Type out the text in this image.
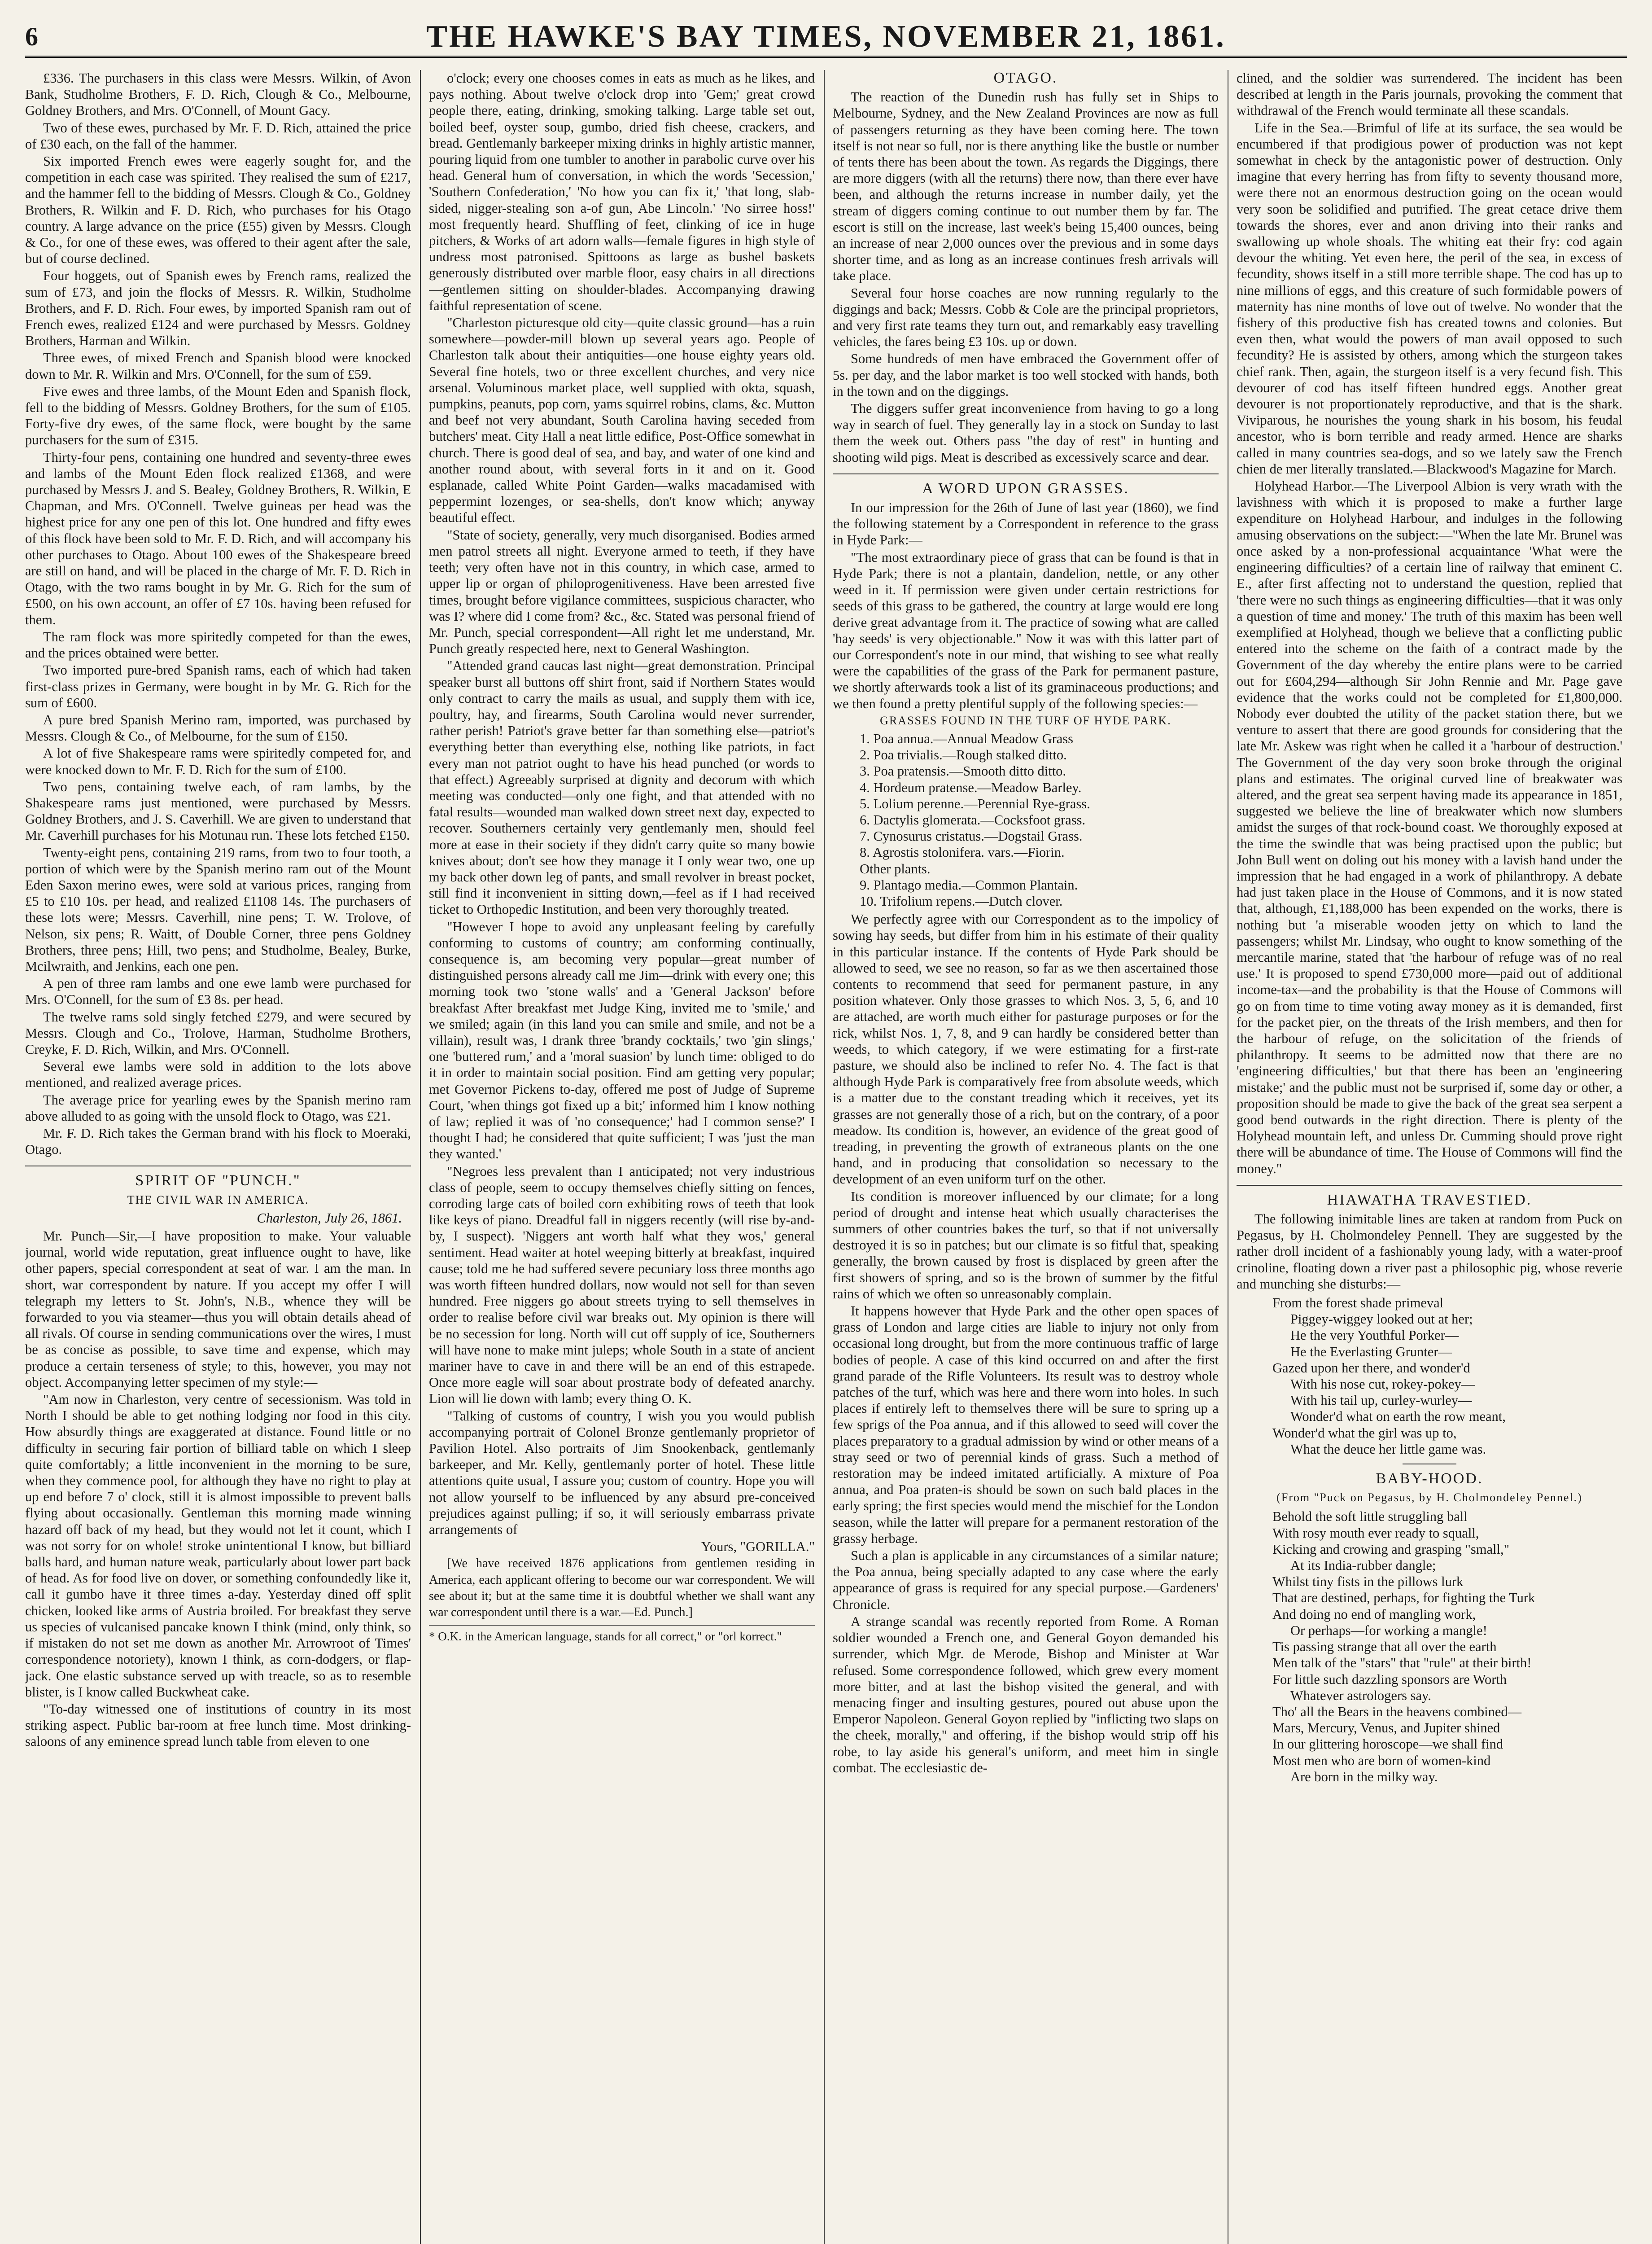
6	THE HAWKE'S BAY TIMES, NOVEMBER 21, 1861.

£336. The purchasers in this class were Messrs. Wilkin, of Avon Bank, Studholme Brothers, F. D. Rich, Clough & Co., Melbourne, Goldney Brothers, and Mrs. O'Connell, of Mount Gacy.

Two of these ewes, purchased by Mr. F. D. Rich, attained the price of £30 each, on the fall of the hammer.

Six imported French ewes were eagerly sought for, and the competition in each case was spirited. They realised the sum of £217, and the hammer fell to the bidding of Messrs. Clough & Co., Goldney Brothers, R. Wilkin and F. D. Rich, who purchases for his Otago country. A large advance on the price (£55) given by Messrs. Clough & Co., for one of these ewes, was offered to their agent after the sale, but of course declined.

Four hoggets, out of Spanish ewes by French rams, realized the sum of £73, and join the flocks of Messrs. R. Wilkin, Studholme Brothers, and F. D. Rich. Four ewes, by imported Spanish ram out of French ewes, realized £124 and were purchased by Messrs. Goldney Brothers, Harman and Wilkin.

Three ewes, of mixed French and Spanish blood were knocked down to Mr. R. Wilkin and Mrs. O'Connell, for the sum of £59.

Five ewes and three lambs, of the Mount Eden and Spanish flock, fell to the bidding of Messrs. Goldney Brothers, for the sum of £105. Forty-five dry ewes, of the same flock, were bought by the same purchasers for the sum of £315.

Thirty-four pens, containing one hundred and seventy-three ewes and lambs of the Mount Eden flock realized £1368, and were purchased by Messrs J. and S. Bealey, Goldney Brothers, R. Wilkin, E Chapman, and Mrs. O'Connell. Twelve guineas per head was the highest price for any one pen of this lot. One hundred and fifty ewes of this flock have been sold to Mr. F. D. Rich, and will accompany his other purchases to Otago. About 100 ewes of the Shakespeare breed are still on hand, and will be placed in the charge of Mr. F. D. Rich in Otago, with the two rams bought in by Mr. G. Rich for the sum of £500, on his own account, an offer of £7 10s. having been refused for them.

The ram flock was more spiritedly competed for than the ewes, and the prices obtained were better.

Two imported pure-bred Spanish rams, each of which had taken first-class prizes in Germany, were bought in by Mr. G. Rich for the sum of £600.

A pure bred Spanish Merino ram, imported, was purchased by Messrs. Clough & Co., of Melbourne, for the sum of £150.

A lot of five Shakespeare rams were spiritedly competed for, and were knocked down to Mr. F. D. Rich for the sum of £100.

Two pens, containing twelve each, of ram lambs, by the Shakespeare rams just mentioned, were purchased by Messrs. Goldney Brothers, and J. S. Caverhill. We are given to understand that Mr. Caverhill purchases for his Motunau run. These lots fetched £150.

Twenty-eight pens, containing 219 rams, from two to four tooth, a portion of which were by the Spanish merino ram out of the Mount Eden Saxon merino ewes, were sold at various prices, ranging from £5 to £10 10s. per head, and realized £1108 14s. The purchasers of these lots were; Messrs. Caverhill, nine pens; T. W. Trolove, of Nelson, six pens; R. Waitt, of Double Corner, three pens Goldney Brothers, three pens; Hill, two pens; and Studholme, Bealey, Burke, Mcilwraith, and Jenkins, each one pen.

A pen of three ram lambs and one ewe lamb were purchased for Mrs. O'Connell, for the sum of £3 8s. per head.

The twelve rams sold singly fetched £279, and were secured by Messrs. Clough and Co., Trolove, Harman, Studholme Brothers, Creyke, F. D. Rich, Wilkin, and Mrs. O'Connell.

Several ewe lambs were sold in addition to the lots above mentioned, and realized average prices.

The average price for yearling ewes by the Spanish merino ram above alluded to as going with the unsold flock to Otago, was £21.

Mr. F. D. Rich takes the German brand with his flock to Moeraki, Otago.

SPIRIT OF "PUNCH."
THE CIVIL WAR IN AMERICA.
Charleston, July 26, 1861.

Mr. Punch—Sir,—I have proposition to make. Your valuable journal, world wide reputation, great influence ought to have, like other papers, special correspondent at seat of war. I am the man. In short, war correspondent by nature. If you accept my offer I will telegraph my letters to St. John's, N.B., whence they will be forwarded to you via steamer—thus you will obtain details ahead of all rivals. Of course in sending communications over the wires, I must be as concise as possible, to save time and expense, which may produce a certain terseness of style; to this, however, you may not object. Accompanying letter specimen of my style:—

"Am now in Charleston, very centre of secessionism. Was told in North I should be able to get nothing lodging nor food in this city. How absurdly things are exaggerated at distance. Found little or no difficulty in securing fair portion of billiard table on which I sleep quite comfortably; a little inconvenient in the morning to be sure, when they commence pool, for although they have no right to play at up end before 7 o' clock, still it is almost impossible to prevent balls flying about occasionally. Gentleman this morning made winning hazard off back of my head, but they would not let it count, which I was not sorry for on whole! stroke unintentional I know, but billiard balls hard, and human nature weak, particularly about lower part back of head. As for food live on dover, or something confoundedly like it, call it gumbo have it three times a-day. Yesterday dined off split chicken, looked like arms of Austria broiled. For breakfast they serve us species of vulcanised pancake known I think (mind, only think, so if mistaken do not set me down as another Mr. Arrowroot of Times' correspondence notoriety), known I think, as corn-dodgers, or flap-jack. One elastic substance served up with treacle, so as to resemble blister, is I know called Buckwheat cake.

"To-day witnessed one of institutions of country in its most striking aspect. Public bar-room at free lunch time. Most drinking-saloons of any eminence spread lunch table from eleven to one

o'clock; every one chooses comes in eats as much as he likes, and pays nothing. About twelve o'clock drop into 'Gem;' great crowd people there, eating, drinking, smoking talking. Large table set out, boiled beef, oyster soup, gumbo, dried fish cheese, crackers, and bread. Gentlemanly barkeeper mixing drinks in highly artistic manner, pouring liquid from one tumbler to another in parabolic curve over his head. General hum of conversation, in which the words 'Secession,' 'Southern Confederation,' 'No how you can fix it,' 'that long, slab-sided, nigger-stealing son a-of gun, Abe Lincoln.' 'No sirree hoss!' most frequently heard. Shuffling of feet, clinking of ice in huge pitchers, & Works of art adorn walls—female figures in high style of undress most patronised. Spittoons as large as bushel baskets generously distributed over marble floor, easy chairs in all directions—gentlemen sitting on shoulder-blades. Accompanying drawing faithful representation of scene.

"Charleston picturesque old city—quite classic ground—has a ruin somewhere—powder-mill blown up several years ago. People of Charleston talk about their antiquities—one house eighty years old. Several fine hotels, two or three excellent churches, and very nice arsenal. Voluminous market place, well supplied with okta, squash, pumpkins, peanuts, pop corn, yams squirrel robins, clams, &c. Mutton and beef not very abundant, South Carolina having seceded from butchers' meat. City Hall a neat little edifice, Post-Office somewhat in church. There is good deal of sea, and bay, and water of one kind and another round about, with several forts in it and on it. Good esplanade, called White Point Garden—walks macadamised with peppermint lozenges, or sea-shells, don't know which; anyway beautiful effect.

"State of society, generally, very much disorganised. Bodies armed men patrol streets all night. Everyone armed to teeth, if they have teeth; very often have not in this country, in which case, armed to upper lip or organ of philoprogenitiveness. Have been arrested five times, brought before vigilance committees, suspicious character, who was I? where did I come from? &c., &c. Stated was personal friend of Mr. Punch, special correspondent—All right let me understand, Mr. Punch greatly respected here, next to General Washington.

"Attended grand caucas last night—great demonstration. Principal speaker burst all buttons off shirt front, said if Northern States would only contract to carry the mails as usual, and supply them with ice, poultry, hay, and firearms, South Carolina would never surrender, rather perish! Patriot's grave better far than something else—patriot's everything better than everything else, nothing like patriots, in fact every man not patriot ought to have his head punched (or words to that effect.) Agreeably surprised at dignity and decorum with which meeting was conducted—only one fight, and that attended with no fatal results—wounded man walked down street next day, expected to recover. Southerners certainly very gentlemanly men, should feel more at ease in their society if they didn't carry quite so many bowie knives about; don't see how they manage it I only wear two, one up my back other down leg of pants, and small revolver in breast pocket, still find it inconvenient in sitting down,—feel as if I had received ticket to Orthopedic Institution, and been very thoroughly treated.

"However I hope to avoid any unpleasant feeling by carefully conforming to customs of country; am conforming continually, consequence is, am becoming very popular—great number of distinguished persons already call me Jim—drink with every one; this morning took two 'stone walls' and a 'General Jackson' before breakfast After breakfast met Judge King, invited me to 'smile,' and we smiled; again (in this land you can smile and smile, and not be a villain), result was, I drank three 'brandy cocktails,' two 'gin slings,' one 'buttered rum,' and a 'moral suasion' by lunch time: obliged to do it in order to maintain social position. Find am getting very popular; met Governor Pickens to-day, offered me post of Judge of Supreme Court, 'when things got fixed up a bit;' informed him I know nothing of law; replied it was of 'no consequence;' had I common sense?' I thought I had; he considered that quite sufficient; I was 'just the man they wanted.'

"Negroes less prevalent than I anticipated; not very industrious class of people, seem to occupy themselves chiefly sitting on fences, corroding large cats of boiled corn exhibiting rows of teeth that look like keys of piano. Dreadful fall in niggers recently (will rise by-and-by, I suspect). 'Niggers ant worth half what they wos,' general sentiment. Head waiter at hotel weeping bitterly at breakfast, inquired cause; told me he had suffered severe pecuniary loss three months ago was worth fifteen hundred dollars, now would not sell for than seven hundred. Free niggers go about streets trying to sell themselves in order to realise before civil war breaks out. My opinion is there will be no secession for long. North will cut off supply of ice, Southerners will have none to make mint juleps; whole South in a state of ancient mariner have to cave in and there will be an end of this estrapede. Once more eagle will soar about prostrate body of defeated anarchy. Lion will lie down with lamb; every thing O. K.

"Talking of customs of country, I wish you you would publish accompanying portrait of Colonel Bronze gentlemanly proprietor of Pavilion Hotel. Also portraits of Jim Snookenback, gentlemanly barkeeper, and Mr. Kelly, gentlemanly porter of hotel. These little attentions quite usual, I assure you; custom of country. Hope you will not allow yourself to be influenced by any absurd pre-conceived prejudices against pulling; if so, it will seriously embarrass private arrangements of

Yours, "GORILLA."

[We have received 1876 applications from gentlemen residing in America, each applicant offering to become our war correspondent. We will see about it; but at the same time it is doubtful whether we shall want any war correspondent until there is a war.—Ed. Punch.]

* O.K. in the American language, stands for all correct," or "orl korrect."
OTAGO.

The reaction of the Dunedin rush has fully set in Ships to Melbourne, Sydney, and the New Zealand Provinces are now as full of passengers returning as they have been coming here. The town itself is not near so full, nor is there anything like the bustle or number of tents there has been about the town. As regards the Diggings, there are more diggers (with all the returns) there now, than there ever have been, and although the returns increase in number daily, yet the stream of diggers coming continue to out number them by far. The escort is still on the increase, last week's being 15,400 ounces, being an increase of near 2,000 ounces over the previous and in some days shorter time, and as long as an increase continues fresh arrivals will take place.

Several four horse coaches are now running regularly to the diggings and back; Messrs. Cobb & Cole are the principal proprietors, and very first rate teams they turn out, and remarkably easy travelling vehicles, the fares being £3 10s. up or down.

Some hundreds of men have embraced the Government offer of 5s. per day, and the labor market is too well stocked with hands, both in the town and on the diggings.

The diggers suffer great inconvenience from having to go a long way in search of fuel. They generally lay in a stock on Sunday to last them the week out. Others pass "the day of rest" in hunting and shooting wild pigs. Meat is described as excessively scarce and dear.

A WORD UPON GRASSES.

In our impression for the 26th of June of last year (1860), we find the following statement by a Correspondent in reference to the grass in Hyde Park:—

"The most extraordinary piece of grass that can be found is that in Hyde Park; there is not a plantain, dandelion, nettle, or any other weed in it. If permission were given under certain restrictions for seeds of this grass to be gathered, the country at large would ere long derive great advantage from it. The practice of sowing what are called 'hay seeds' is very objectionable." Now it was with this latter part of our Correspondent's note in our mind, that wishing to see what really were the capabilities of the grass of the Park for permanent pasture, we shortly afterwards took a list of its graminaceous productions; and we then found a pretty plentiful supply of the following species:—

GRASSES FOUND IN THE TURF OF HYDE PARK.
1. Poa annua.—Annual Meadow Grass
2. Poa trivialis.—Rough stalked ditto.
3. Poa pratensis.—Smooth ditto ditto.
4. Hordeum pratense.—Meadow Barley.
5. Lolium perenne.—Perennial Rye-grass.
6. Dactylis glomerata.—Cocksfoot grass.
7. Cynosurus cristatus.—Dogstail Grass.
8. Agrostis stolonifera. vars.—Fiorin.
Other plants.
9. Plantago media.—Common Plantain.
10. Trifolium repens.—Dutch clover.

We perfectly agree with our Correspondent as to the impolicy of sowing hay seeds, but differ from him in his estimate of their quality in this particular instance. If the contents of Hyde Park should be allowed to seed, we see no reason, so far as we then ascertained those contents to recommend that seed for permanent pasture, in any position whatever. Only those grasses to which Nos. 3, 5, 6, and 10 are attached, are worth much either for pasturage purposes or for the rick, whilst Nos. 1, 7, 8, and 9 can hardly be considered better than weeds, to which category, if we were estimating for a first-rate pasture, we should also be inclined to refer No. 4. The fact is that although Hyde Park is comparatively free from absolute weeds, which is a matter due to the constant treading which it receives, yet its grasses are not generally those of a rich, but on the contrary, of a poor meadow. Its condition is, however, an evidence of the great good of treading, in preventing the growth of extraneous plants on the one hand, and in producing that consolidation so necessary to the development of an even uniform turf on the other.

Its condition is moreover influenced by our climate; for a long period of drought and intense heat which usually characterises the summers of other countries bakes the turf, so that if not universally destroyed it is so in patches; but our climate is so fitful that, speaking generally, the brown caused by frost is displaced by green after the first showers of spring, and so is the brown of summer by the fitful rains of which we often so unreasonably complain.

It happens however that Hyde Park and the other open spaces of grass of London and large cities are liable to injury not only from occasional long drought, but from the more continuous traffic of large bodies of people. A case of this kind occurred on and after the first grand parade of the Rifle Volunteers. Its result was to destroy whole patches of the turf, which was here and there worn into holes. In such places if entirely left to themselves there will be sure to spring up a few sprigs of the Poa annua, and if this allowed to seed will cover the places preparatory to a gradual admission by wind or other means of a stray seed or two of perennial kinds of grass. Such a method of restoration may be indeed imitated artificially. A mixture of Poa annua, and Poa praten-is should be sown on such bald places in the early spring; the first species would mend the mischief for the London season, while the latter will prepare for a permanent restoration of the grassy herbage.

Such a plan is applicable in any circumstances of a similar nature; the Poa annua, being specially adapted to any case where the early appearance of grass is required for any special purpose.—Gardeners' Chronicle.

A strange scandal was recently reported from Rome. A Roman soldier wounded a French one, and General Goyon demanded his surrender, which Mgr. de Merode, Bishop and Minister at War refused. Some correspondence followed, which grew every moment more bitter, and at last the bishop visited the general, and with menacing finger and insulting gestures, poured out abuse upon the Emperor Napoleon. General Goyon replied by "inflicting two slaps on the cheek, morally," and offering, if the bishop would strip off his robe, to lay aside his general's uniform, and meet him in single combat. The ecclesiastic de-

clined, and the soldier was surrendered. The incident has been described at length in the Paris journals, provoking the comment that withdrawal of the French would terminate all these scandals.

Life in the Sea.—Brimful of life at its surface, the sea would be encumbered if that prodigious power of production was not kept somewhat in check by the antagonistic power of destruction. Only imagine that every herring has from fifty to seventy thousand more, were there not an enormous destruction going on the ocean would very soon be solidified and putrified. The great cetace drive them towards the shores, ever and anon driving into their ranks and swallowing up whole shoals. The whiting eat their fry: cod again devour the whiting. Yet even here, the peril of the sea, in excess of fecundity, shows itself in a still more terrible shape. The cod has up to nine millions of eggs, and this creature of such formidable powers of maternity has nine months of love out of twelve. No wonder that the fishery of this productive fish has created towns and colonies. But even then, what would the powers of man avail opposed to such fecundity? He is assisted by others, among which the sturgeon takes chief rank. Then, again, the sturgeon itself is a very fecund fish. This devourer of cod has itself fifteen hundred eggs. Another great devourer is not proportionately reproductive, and that is the shark. Viviparous, he nourishes the young shark in his bosom, his feudal ancestor, who is born terrible and ready armed. Hence are sharks called in many countries sea-dogs, and so we lately saw the French chien de mer literally translated.—Blackwood's Magazine for March.

Holyhead Harbor.—The Liverpool Albion is very wrath with the lavishness with which it is proposed to make a further large expenditure on Holyhead Harbour, and indulges in the following amusing observations on the subject:—"When the late Mr. Brunel was once asked by a non-professional acquaintance 'What were the engineering difficulties? of a certain line of railway that eminent C. E., after first affecting not to understand the question, replied that 'there were no such things as engineering difficulties—that it was only a question of time and money.' The truth of this maxim has been well exemplified at Holyhead, though we believe that a conflicting public entered into the scheme on the faith of a contract made by the Government of the day whereby the entire plans were to be carried out for £604,294—although Sir John Rennie and Mr. Page gave evidence that the works could not be completed for £1,800,000. Nobody ever doubted the utility of the packet station there, but we venture to assert that there are good grounds for considering that the late Mr. Askew was right when he called it a 'harbour of destruction.' The Government of the day very soon broke through the original plans and estimates. The original curved line of breakwater was altered, and the great sea serpent having made its appearance in 1851, suggested we believe the line of breakwater which now slumbers amidst the surges of that rock-bound coast. We thoroughly exposed at the time the swindle that was being practised upon the public; but John Bull went on doling out his money with a lavish hand under the impression that he had engaged in a work of philanthropy. A debate had just taken place in the House of Commons, and it is now stated that, although, £1,188,000 has been expended on the works, there is nothing but 'a miserable wooden jetty on which to land the passengers; whilst Mr. Lindsay, who ought to know something of the mercantile marine, stated that 'the harbour of refuge was of no real use.' It is proposed to spend £730,000 more—paid out of additional income-tax—and the probability is that the House of Commons will go on from time to time voting away money as it is demanded, first for the packet pier, on the threats of the Irish members, and then for the harbour of refuge, on the solicitation of the friends of philanthropy. It seems to be admitted now that there are no 'engineering difficulties,' but that there has been an 'engineering mistake;' and the public must not be surprised if, some day or other, a proposition should be made to give the back of the great sea serpent a good bend outwards in the right direction. There is plenty of the Holyhead mountain left, and unless Dr. Cumming should prove right there will be abundance of time. The House of Commons will find the money."

HIAWATHA TRAVESTIED.

The following inimitable lines are taken at random from Puck on Pegasus, by H. Cholmondeley Pennell. They are suggested by the rather droll incident of a fashionably young lady, with a water-proof crinoline, floating down a river past a philosophic pig, whose reverie and munching she disturbs:—

From the forest shade primeval
Piggey-wiggey looked out at her;
He the very Youthful Porker—
He the Everlasting Grunter—
Gazed upon her there, and wonder'd
With his nose cut, rokey-pokey—
With his tail up, curley-wurley—
Wonder'd what on earth the row meant,
Wonder'd what the girl was up to,
What the deuce her little game was.
BABY-HOOD.
(From "Puck on Pegasus, by H. Cholmondeley Pennel.)
Behold the soft little struggling ball
With rosy mouth ever ready to squall,
Kicking and crowing and grasping "small,"
At its India-rubber dangle;
Whilst tiny fists in the pillows lurk
That are destined, perhaps, for fighting the Turk
And doing no end of mangling work,
Or perhaps—for working a mangle!
Tis passing strange that all over the earth
Men talk of the "stars" that "rule" at their birth!
For little such dazzling sponsors are Worth
Whatever astrologers say.
Tho' all the Bears in the heavens combined—
Mars, Mercury, Venus, and Jupiter shined
In our glittering horoscope—we shall find
Most men who are born of women-kind
Are born in the milky way.
